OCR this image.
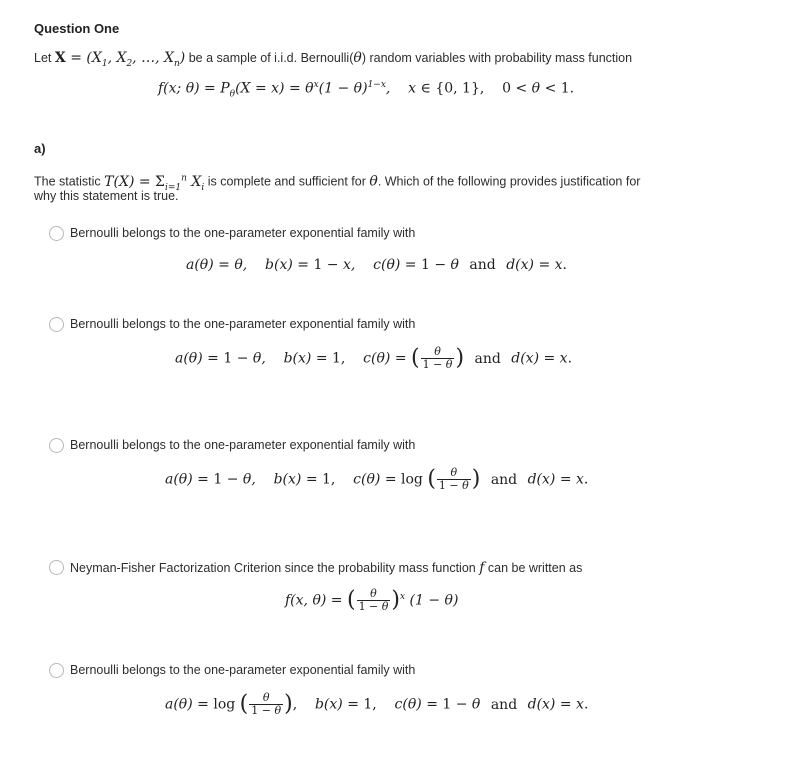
Question One
Let $X = (X_1$, $X_2$, …, $X_n$) be a sample of i.i.d. Bernoulli(θ) random variables with probability mass function
f(x; $\theta) = P_\theta(X = x) = \theta^x(1 - \theta)^{1-x}$,    x ∈ {0, 1}, 0 < θ < 1.
a)
The statistic $T(X) = \Sigma_{i=1}^n$ $X_i$ is complete and sufficient for θ. Which of the following provides justification for
why this statement is true.
Bernoulli belongs to the one-parameter exponential family with
a(θ) = θ,    b(x) = 1 − x,    c(θ) = 1 − θ and d(x) = x.
Bernoulli belongs to the one-parameter exponential family with
a(θ) = 1 − θ,    b(x) = 1,    c(θ) = ( $\frac{\theta}{1 - \theta}$ ) and d(x) = x.
Bernoulli belongs to the one-parameter exponential family with
a(θ) = 1 − θ,    b(x) = 1,    c(θ) = log ( $\frac{\theta}{1 - \theta}$ ) and d(x) = x.
Neyman-Fisher Factorization Criterion since the probability mass function f can be written as
f(x, θ) = ( $\frac{\theta}{1 - \theta} )^x$ (1 − θ)
Bernoulli belongs to the one-parameter exponential family with
a(θ) = log ( $\frac{\theta}{1 - \theta}$ ),    b(x) = 1,    c(θ) = 1 − θ and d(x) = x.
